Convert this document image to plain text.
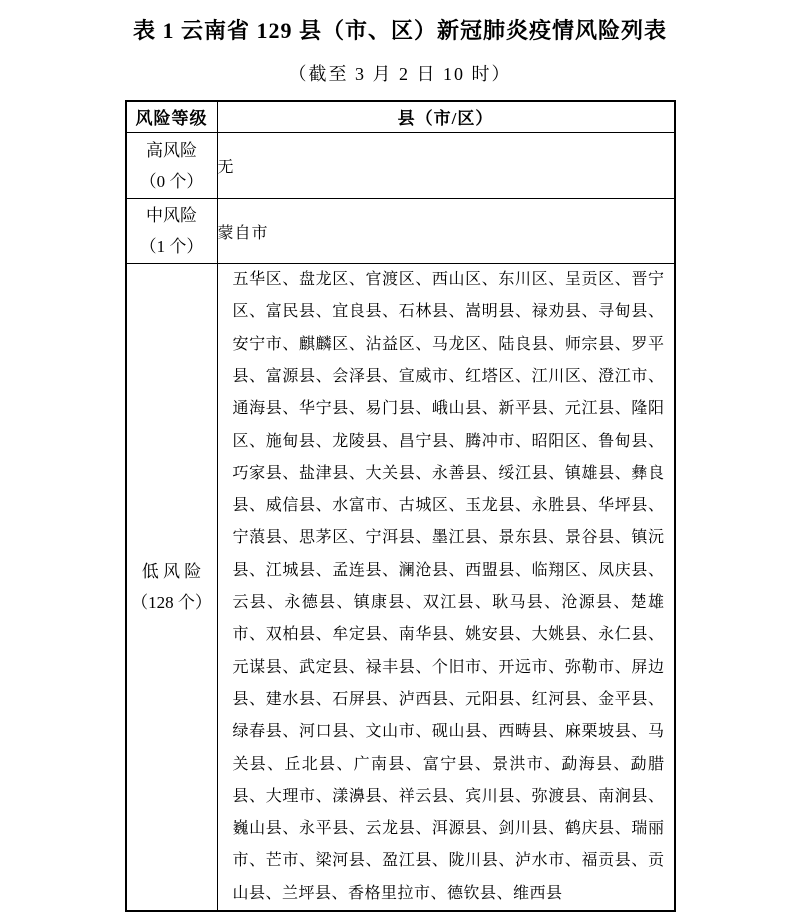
表 1 云南省 129 县（市、区）新冠肺炎疫情风险列表
（截至 3 月 2 日 10 时）
风险等级	县（市/区）

高风险
（0 个）	无

中风险
（1 个）	蒙自市

低 风 险
（128 个）	五华区、盘龙区、官渡区、西山区、东川区、呈贡区、晋宁区、富民县、宜良县、石林县、嵩明县、禄劝县、寻甸县、安宁市、麒麟区、沾益区、马龙区、陆良县、师宗县、罗平县、富源县、会泽县、宣威市、红塔区、江川区、澄江市、通海县、华宁县、易门县、峨山县、新平县、元江县、隆阳区、施甸县、龙陵县、昌宁县、腾冲市、昭阳区、鲁甸县、巧家县、盐津县、大关县、永善县、绥江县、镇雄县、彝良县、威信县、水富市、古城区、玉龙县、永胜县、华坪县、宁蒗县、思茅区、宁洱县、墨江县、景东县、景谷县、镇沅县、江城县、孟连县、澜沧县、西盟县、临翔区、凤庆县、云县、永德县、镇康县、双江县、耿马县、沧源县、楚雄市、双柏县、牟定县、南华县、姚安县、大姚县、永仁县、元谋县、武定县、禄丰县、个旧市、开远市、弥勒市、屏边县、建水县、石屏县、泸西县、元阳县、红河县、金平县、绿春县、河口县、文山市、砚山县、西畴县、麻栗坡县、马关县、丘北县、广南县、富宁县、景洪市、勐海县、勐腊县、大理市、漾濞县、祥云县、宾川县、弥渡县、南涧县、巍山县、永平县、云龙县、洱源县、剑川县、鹤庆县、瑞丽市、芒市、梁河县、盈江县、陇川县、泸水市、福贡县、贡山县、兰坪县、香格里拉市、德钦县、维西县
